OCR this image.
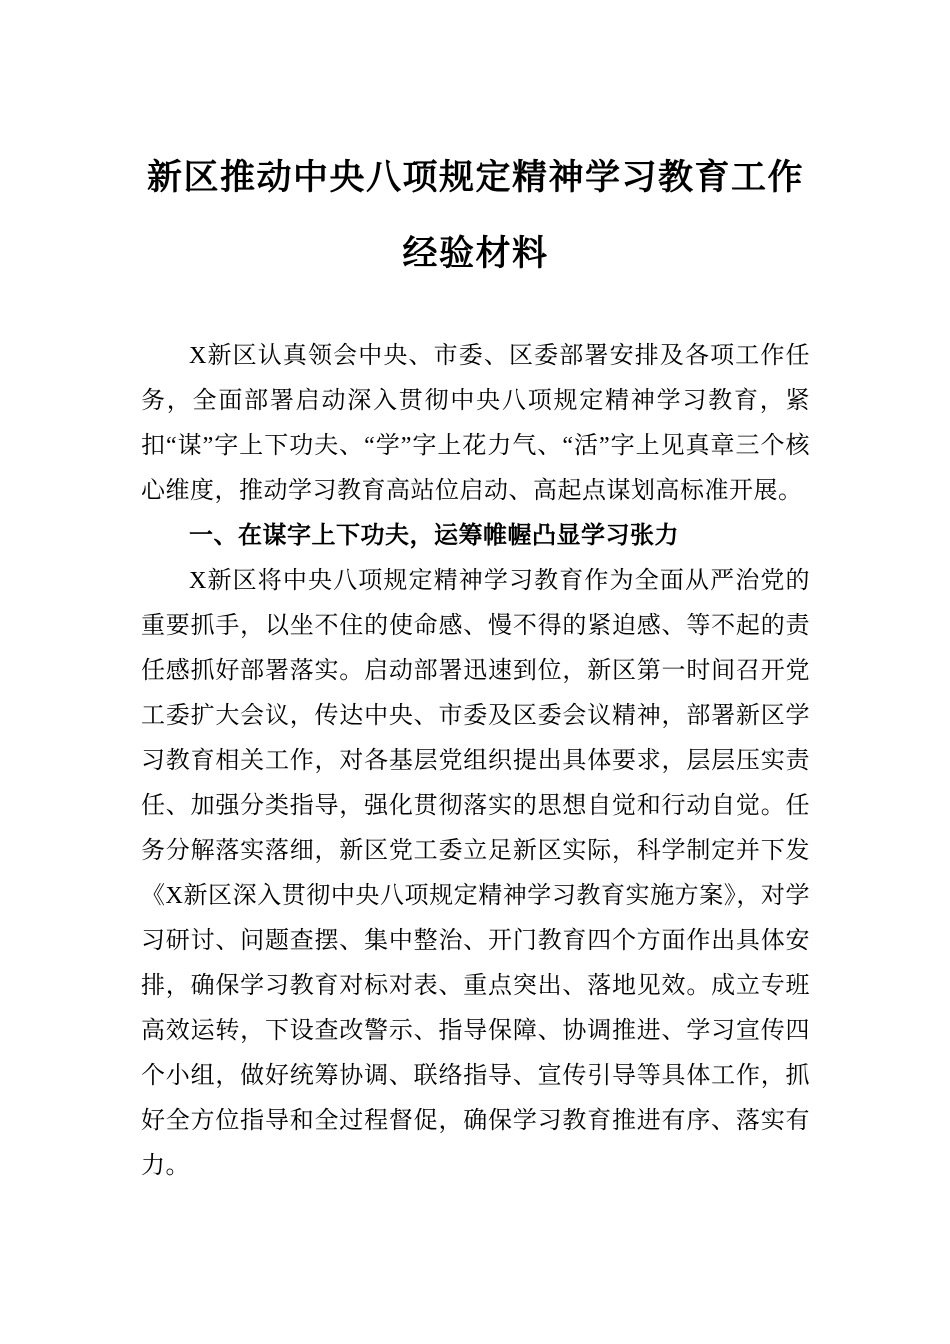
新区推动中央八项规定精神学习教育工作
经验材料

X新区认真领会中央、市委、区委部署安排及各项工作任务，全面部署启动深入贯彻中央八项规定精神学习教育，紧扣“谋”字上下功夫、“学”字上花力气、“活”字上见真章三个核心维度，推动学习教育高站位启动、高起点谋划高标准开展。

一、在谋字上下功夫，运筹帷幄凸显学习张力

X新区将中央八项规定精神学习教育作为全面从严治党的重要抓手，以坐不住的使命感、慢不得的紧迫感、等不起的责任感抓好部署落实。启动部署迅速到位，新区第一时间召开党工委扩大会议，传达中央、市委及区委会议精神，部署新区学习教育相关工作，对各基层党组织提出具体要求，层层压实责任、加强分类指导，强化贯彻落实的思想自觉和行动自觉。任务分解落实落细，新区党工委立足新区实际，科学制定并下发《X新区深入贯彻中央八项规定精神学习教育实施方案》，对学习研讨、问题查摆、集中整治、开门教育四个方面作出具体安排，确保学习教育对标对表、重点突出、落地见效。成立专班高效运转，下设查改警示、指导保障、协调推进、学习宣传四个小组，做好统筹协调、联络指导、宣传引导等具体工作，抓好全方位指导和全过程督促，确保学习教育推进有序、落实有力。
